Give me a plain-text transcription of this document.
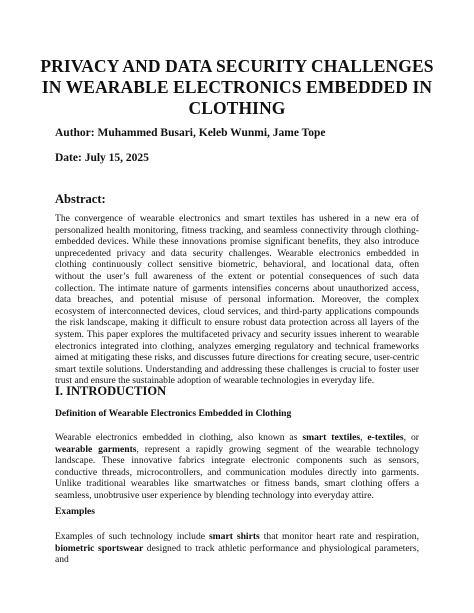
PRIVACY AND DATA SECURITY CHALLENGES IN WEARABLE ELECTRONICS EMBEDDED IN CLOTHING
Author: Muhammed Busari, Keleb Wunmi, Jame Tope
Date: July 15, 2025
Abstract:

The convergence of wearable electronics and smart textiles has ushered in a new era of personalized health monitoring, fitness tracking, and seamless connectivity through clothing-embedded devices. While these innovations promise significant benefits, they also introduce unprecedented privacy and data security challenges. Wearable electronics embedded in clothing continuously collect sensitive biometric, behavioral, and locational data, often without the user’s full awareness of the extent or potential consequences of such data collection. The intimate nature of garments intensifies concerns about unauthorized access, data breaches, and potential misuse of personal information. Moreover, the complex ecosystem of interconnected devices, cloud services, and third-party applications compounds the risk landscape, making it difficult to ensure robust data protection across all layers of the system. This paper explores the multifaceted privacy and security issues inherent to wearable electronics integrated into clothing, analyzes emerging regulatory and technical frameworks aimed at mitigating these risks, and discusses future directions for creating secure, user-centric smart textile solutions. Understanding and addressing these challenges is crucial to foster user trust and ensure the sustainable adoption of wearable technologies in everyday life.

I. INTRODUCTION
Definition of Wearable Electronics Embedded in Clothing

Wearable electronics embedded in clothing, also known as smart textiles, e-textiles, or wearable garments, represent a rapidly growing segment of the wearable technology landscape. These innovative fabrics integrate electronic components such as sensors, conductive threads, microcontrollers, and communication modules directly into garments. Unlike traditional wearables like smartwatches or fitness bands, smart clothing offers a seamless, unobtrusive user experience by blending technology into everyday attire.

Examples

Examples of such technology include smart shirts that monitor heart rate and respiration, biometric sportswear designed to track athletic performance and physiological parameters, and
